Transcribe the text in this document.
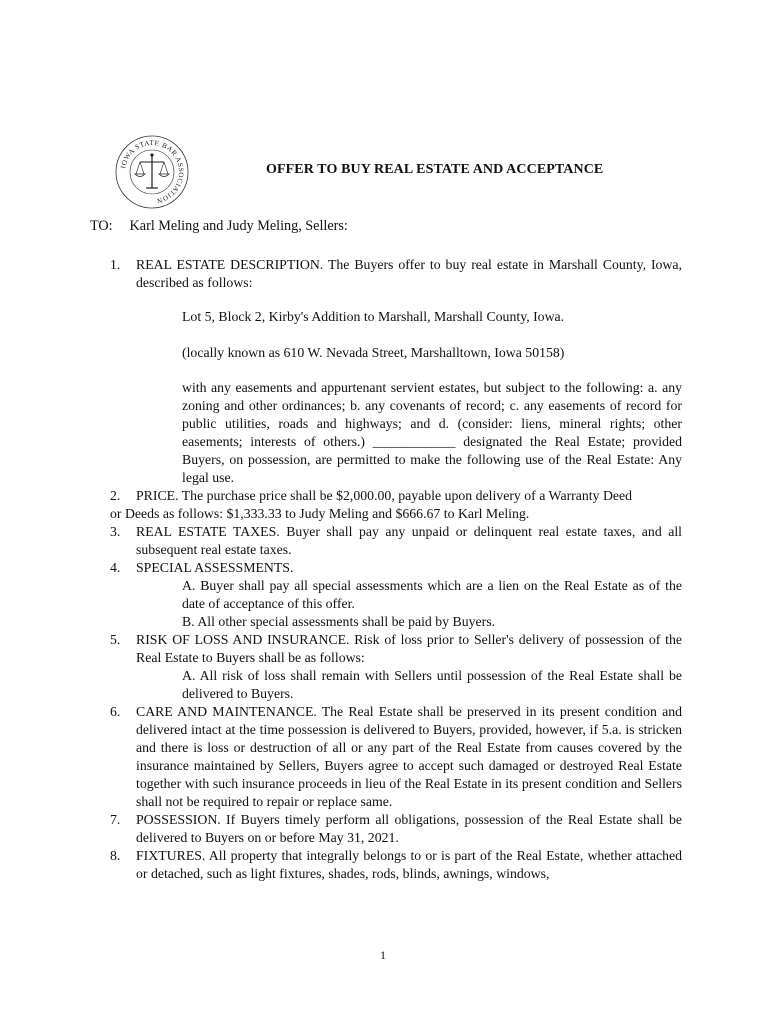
IOWA STATE BAR ASSOCIATION
OFFER TO BUY REAL ESTATE AND ACCEPTANCE
TO: Karl Meling and Judy Meling, Sellers:
1. REAL ESTATE DESCRIPTION. The Buyers offer to buy real estate in Marshall County, Iowa, described as follows:
Lot 5, Block 2, Kirby's Addition to Marshall, Marshall County, Iowa.
(locally known as 610 W. Nevada Street, Marshalltown, Iowa 50158)
with any easements and appurtenant servient estates, but subject to the following: a. any zoning and other ordinances; b. any covenants of record; c. any easements of record for public utilities, roads and highways; and d. (consider: liens, mineral rights; other easements; interests of others.) ____________ designated the Real Estate; provided Buyers, on possession, are permitted to make the following use of the Real Estate: Any legal use.
2. PRICE. The purchase price shall be $2,000.00, payable upon delivery of a Warranty Deed
or Deeds as follows: $1,333.33 to Judy Meling and $666.67 to Karl Meling.
3. REAL ESTATE TAXES. Buyer shall pay any unpaid or delinquent real estate taxes, and all subsequent real estate taxes.
4. SPECIAL ASSESSMENTS.
A. Buyer shall pay all special assessments which are a lien on the Real Estate as of the date of acceptance of this offer.
B. All other special assessments shall be paid by Buyers.
5. RISK OF LOSS AND INSURANCE. Risk of loss prior to Seller's delivery of possession of the Real Estate to Buyers shall be as follows:
A. All risk of loss shall remain with Sellers until possession of the Real Estate shall be delivered to Buyers.
6. CARE AND MAINTENANCE. The Real Estate shall be preserved in its present condition and delivered intact at the time possession is delivered to Buyers, provided, however, if 5.a. is stricken and there is loss or destruction of all or any part of the Real Estate from causes covered by the insurance maintained by Sellers, Buyers agree to accept such damaged or destroyed Real Estate together with such insurance proceeds in lieu of the Real Estate in its present condition and Sellers shall not be required to repair or replace same.
7. POSSESSION. If Buyers timely perform all obligations, possession of the Real Estate shall be delivered to Buyers on or before May 31, 2021.
8. FIXTURES. All property that integrally belongs to or is part of the Real Estate, whether attached or detached, such as light fixtures, shades, rods, blinds, awnings, windows,
1
